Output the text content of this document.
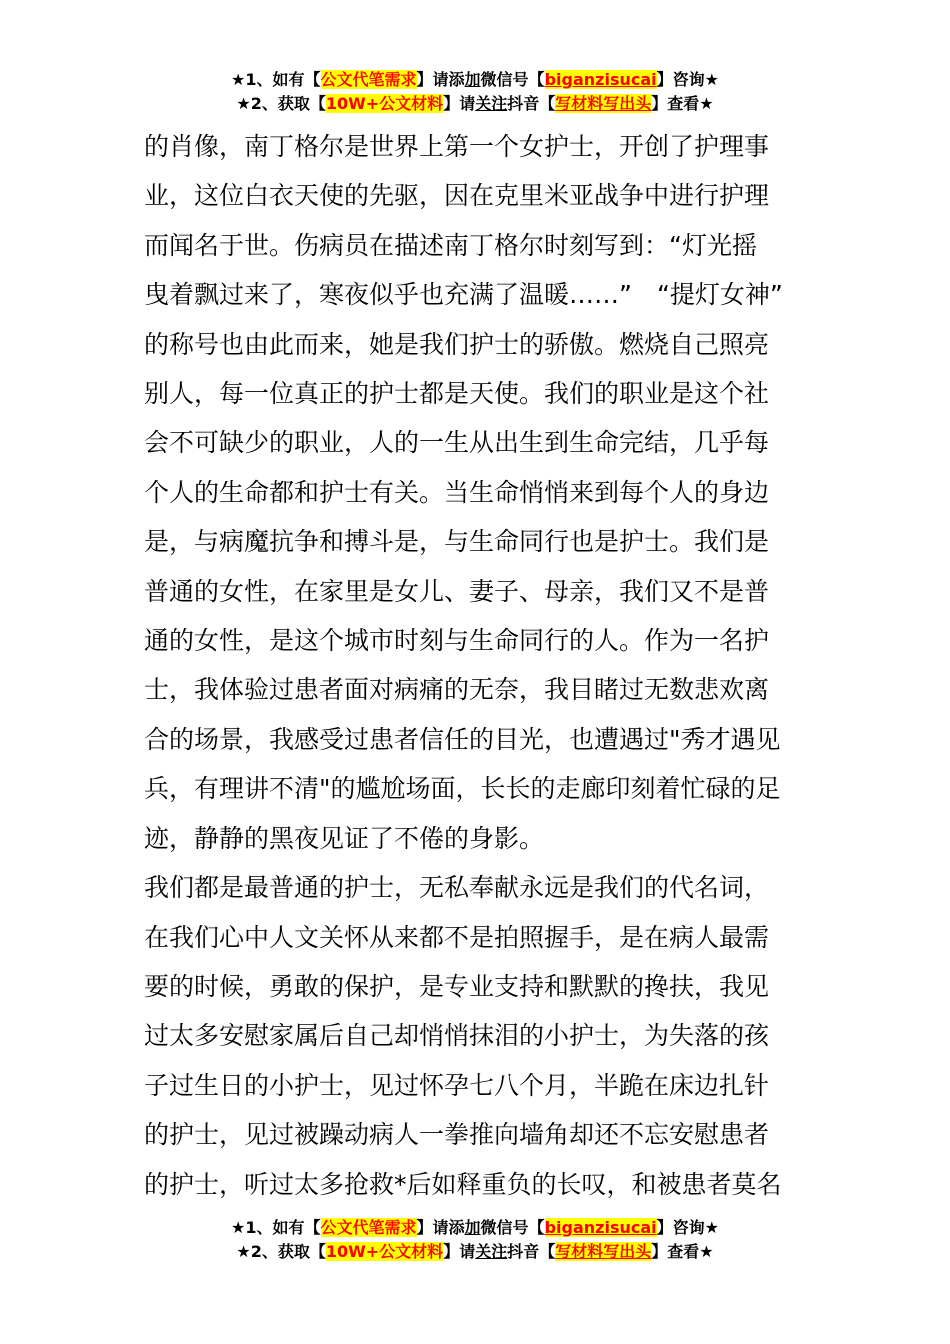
★1、如有【公文代笔需求】请添加微信号【biganzisucai】咨询★
★2、获取【10W+公文材料】请关注抖音【写材料写出头】查看★
的肖像，南丁格尔是世界上第一个女护士，开创了护理事
业，这位白衣天使的先驱，因在克里米亚战争中进行护理
而闻名于世。伤病员在描述南丁格尔时刻写到：“灯光摇
曳着飘过来了，寒夜似乎也充满了温暖……”　“提灯女神”
的称号也由此而来，她是我们护士的骄傲。燃烧自己照亮
别人，每一位真正的护士都是天使。我们的职业是这个社
会不可缺少的职业，人的一生从出生到生命完结，几乎每
个人的生命都和护士有关。当生命悄悄来到每个人的身边
是，与病魔抗争和搏斗是，与生命同行也是护士。我们是
普通的女性，在家里是女儿、妻子、母亲，我们又不是普
通的女性，是这个城市时刻与生命同行的人。作为一名护
士，我体验过患者面对病痛的无奈，我目睹过无数悲欢离
合的场景，我感受过患者信任的目光，也遭遇过"秀才遇见
兵，有理讲不清"的尴尬场面，长长的走廊印刻着忙碌的足
迹，静静的黑夜见证了不倦的身影。
我们都是最普通的护士，无私奉献永远是我们的代名词，
在我们心中人文关怀从来都不是拍照握手，是在病人最需
要的时候，勇敢的保护，是专业支持和默默的搀扶，我见
过太多安慰家属后自己却悄悄抹泪的小护士，为失落的孩
子过生日的小护士，见过怀孕七八个月，半跪在床边扎针
的护士，见过被躁动病人一拳推向墙角却还不忘安慰患者
的护士，听过太多抢救*后如释重负的长叹，和被患者莫名
★1、如有【公文代笔需求】请添加微信号【biganzisucai】咨询★
★2、获取【10W+公文材料】请关注抖音【写材料写出头】查看★
